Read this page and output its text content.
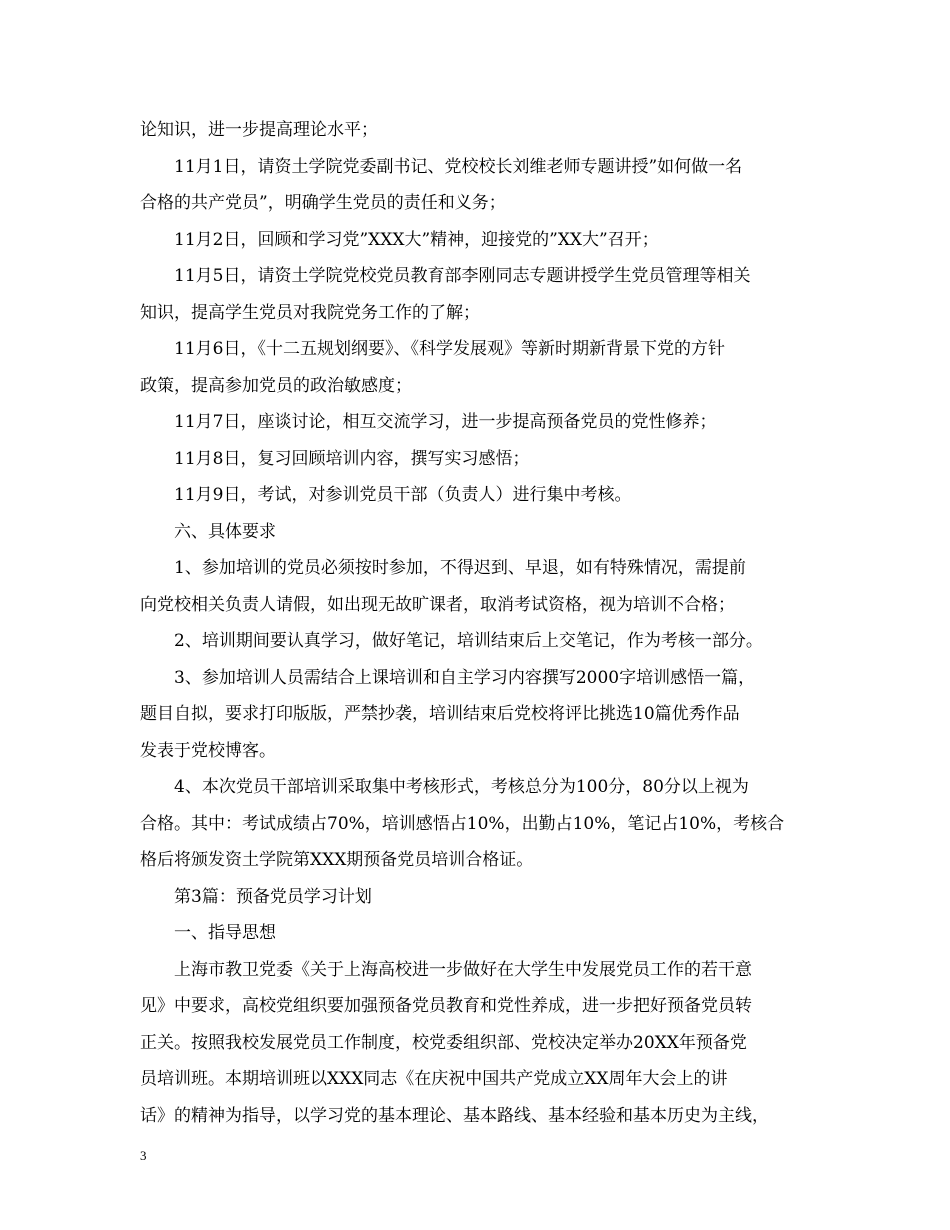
论知识，进一步提高理论水平；
11月1日，请资土学院党委副书记、党校校长刘维老师专题讲授”如何做一名
合格的共产党员”，明确学生党员的责任和义务；
11月2日，回顾和学习党”XXX大”精神，迎接党的”XX大”召开；
11月5日，请资土学院党校党员教育部李刚同志专题讲授学生党员管理等相关
知识，提高学生党员对我院党务工作的了解；
11月6日，《十二五规划纲要》、《科学发展观》等新时期新背景下党的方针
政策，提高参加党员的政治敏感度；
11月7日，座谈讨论，相互交流学习，进一步提高预备党员的党性修养；
11月8日，复习回顾培训内容，撰写实习感悟；
11月9日，考试，对参训党员干部（负责人）进行集中考核。
六、具体要求
1、参加培训的党员必须按时参加，不得迟到、早退，如有特殊情况，需提前
向党校相关负责人请假，如出现无故旷课者，取消考试资格，视为培训不合格；
2、培训期间要认真学习，做好笔记，培训结束后上交笔记，作为考核一部分。
3、参加培训人员需结合上课培训和自主学习内容撰写2000字培训感悟一篇，
题目自拟，要求打印版版，严禁抄袭，培训结束后党校将评比挑选10篇优秀作品
发表于党校博客。
4、本次党员干部培训采取集中考核形式，考核总分为100分，80分以上视为
合格。其中：考试成绩占70%，培训感悟占10%，出勤占10%，笔记占10%，考核合
格后将颁发资土学院第XXX期预备党员培训合格证。
第3篇：预备党员学习计划
一、指导思想
上海市教卫党委《关于上海高校进一步做好在大学生中发展党员工作的若干意
见》中要求，高校党组织要加强预备党员教育和党性养成，进一步把好预备党员转
正关。按照我校发展党员工作制度，校党委组织部、党校决定举办20XX年预备党
员培训班。本期培训班以XXX同志《在庆祝中国共产党成立XX周年大会上的讲
话》的精神为指导，以学习党的基本理论、基本路线、基本经验和基本历史为主线，
3
